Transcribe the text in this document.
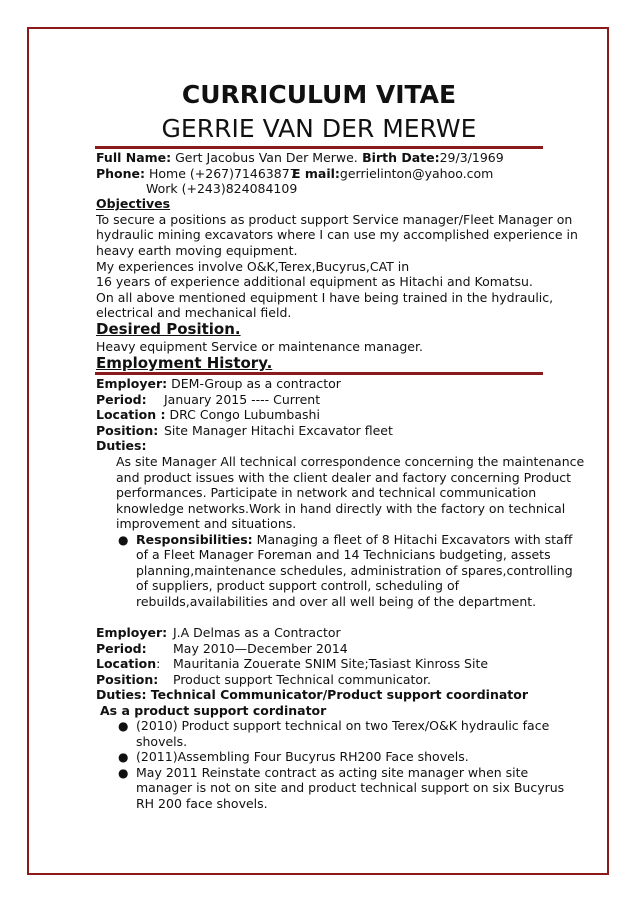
CURRICULUM VITAE
GERRIE VAN DER MERWE
Full Name: Gert Jacobus Van Der Merwe. Birth Date:29/3/1969
Phone: Home (+267)71463877
E mail:gerrielinton@yahoo.com
Work (+243)824084109
Objectives
To secure a positions as product support Service manager/Fleet Manager on
hydraulic mining excavators where I can use my accomplished experience in
heavy earth moving equipment.
My experiences involve O&K,Terex,Bucyrus,CAT in
16 years of experience additional equipment as Hitachi and Komatsu.
On all above mentioned equipment I have being trained in the hydraulic,
electrical and mechanical field.
Desired Position.
Heavy equipment Service or maintenance manager.
Employment History.
Employer: DEM-Group as a contractor
Period: January 2015 ---- Current
Location : DRC Congo Lubumbashi
Position: Site Manager Hitachi Excavator fleet
Duties:
As site Manager All technical correspondence concerning the maintenance
and product issues with the client dealer and factory concerning Product
performances. Participate in network and technical communication
knowledge networks.Work in hand directly with the factory on technical
improvement and situations.
● Responsibilities: Managing a fleet of 8 Hitachi Excavators with staff
of a Fleet Manager Foreman and 14 Technicians budgeting, assets
planning,maintenance schedules, administration of spares,controlling
of suppliers, product support controll, scheduling of
rebuilds,availabilities and over all well being of the department.
Employer: J.A Delmas as a Contractor
Period: May 2010—December 2014
Location: Mauritania Zouerate SNIM Site;Tasiast Kinross Site
Position: Product support Technical communicator.
Duties: Technical Communicator/Product support coordinator
As a product support cordinator
● (2010) Product support technical on two Terex/O&K hydraulic face
shovels.
● (2011)Assembling Four Bucyrus RH200 Face shovels.
● May 2011 Reinstate contract as acting site manager when site
manager is not on site and product technical support on six Bucyrus
RH 200 face shovels.
